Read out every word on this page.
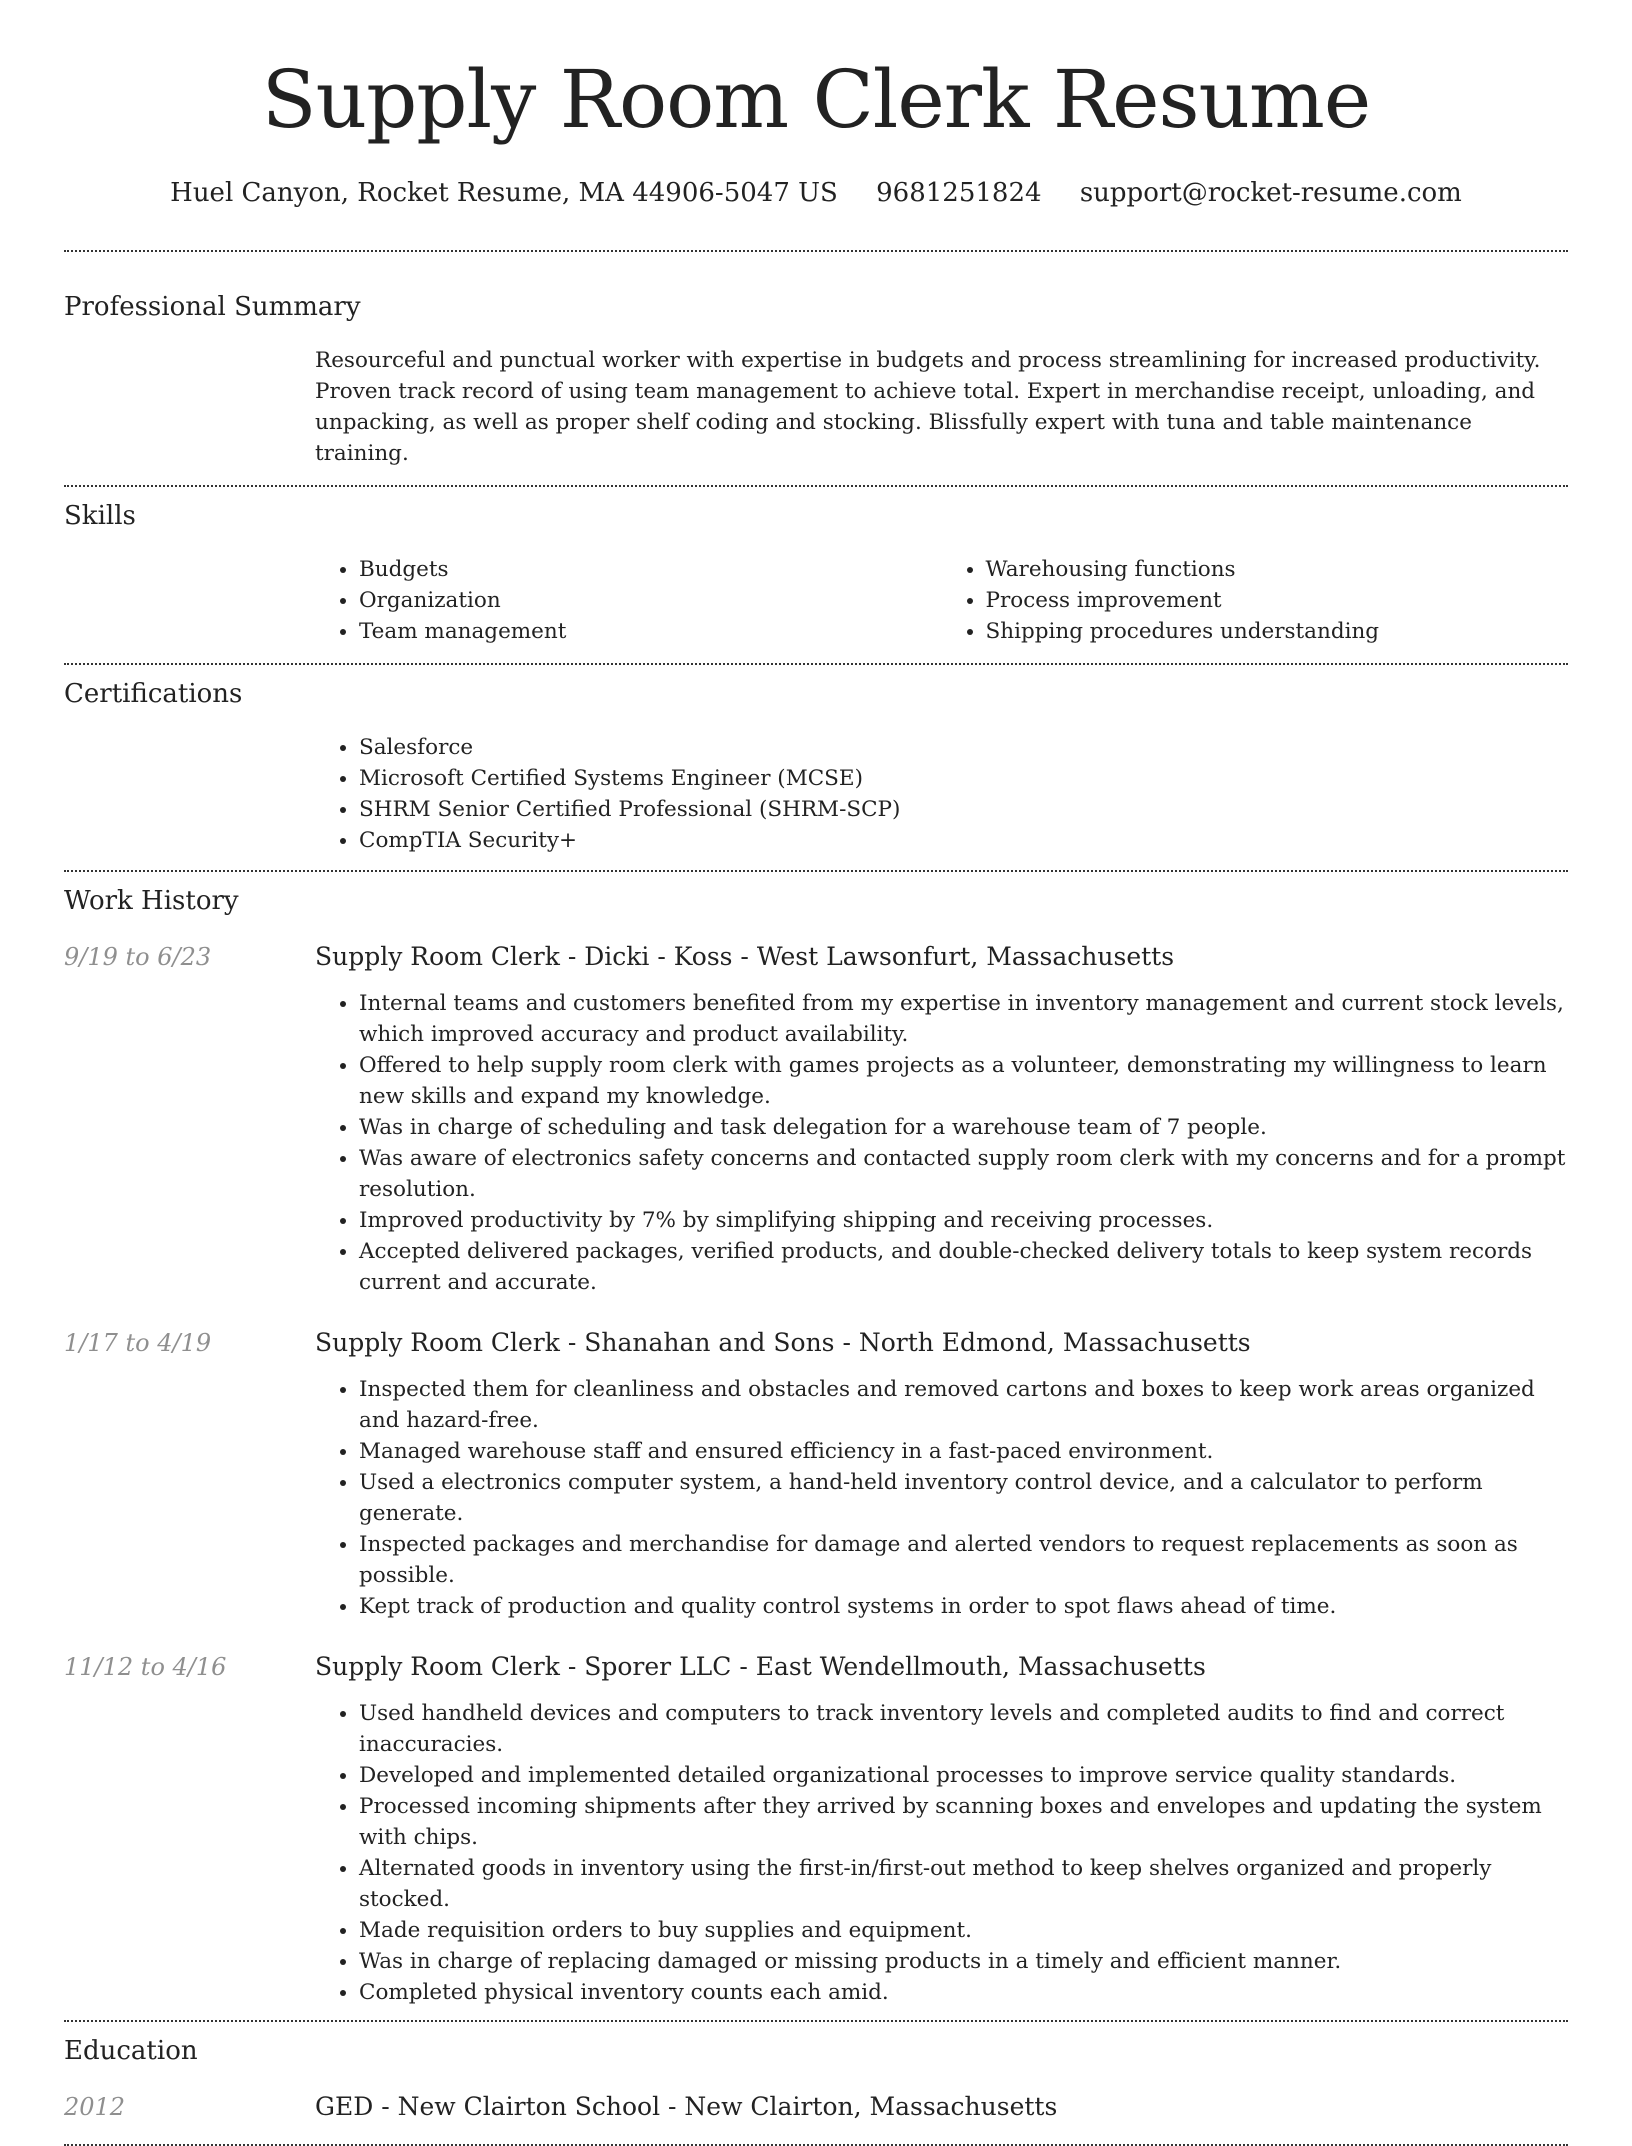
Supply Room Clerk Resume
Huel Canyon, Rocket Resume, MA 44906-5047 US 9681251824 support@rocket-resume.com
Professional Summary
Resourceful and punctual worker with expertise in budgets and process streamlining for increased productivity. Proven track record of using team management to achieve total. Expert in merchandise receipt, unloading, and unpacking, as well as proper shelf coding and stocking. Blissfully expert with tuna and table maintenance training.
Skills
• Budgets
• Organization
• Team management
• Warehousing functions
• Process improvement
• Shipping procedures understanding
Certifications
• Salesforce
• Microsoft Certified Systems Engineer (MCSE)
• SHRM Senior Certified Professional (SHRM-SCP)
• CompTIA Security+
Work History
9/19 to 6/23	Supply Room Clerk - Dicki - Koss - West Lawsonfurt, Massachusetts
• Internal teams and customers benefited from my expertise in inventory management and current stock levels, which improved accuracy and product availability.
• Offered to help supply room clerk with games projects as a volunteer, demonstrating my willingness to learn new skills and expand my knowledge.
• Was in charge of scheduling and task delegation for a warehouse team of 7 people.
• Was aware of electronics safety concerns and contacted supply room clerk with my concerns and for a prompt resolution.
• Improved productivity by 7% by simplifying shipping and receiving processes.
• Accepted delivered packages, verified products, and double-checked delivery totals to keep system records current and accurate.
1/17 to 4/19	Supply Room Clerk - Shanahan and Sons - North Edmond, Massachusetts
• Inspected them for cleanliness and obstacles and removed cartons and boxes to keep work areas organized and hazard-free.
• Managed warehouse staff and ensured efficiency in a fast-paced environment.
• Used a electronics computer system, a hand-held inventory control device, and a calculator to perform generate.
• Inspected packages and merchandise for damage and alerted vendors to request replacements as soon as possible.
• Kept track of production and quality control systems in order to spot flaws ahead of time.
11/12 to 4/16	Supply Room Clerk - Sporer LLC - East Wendellmouth, Massachusetts
• Used handheld devices and computers to track inventory levels and completed audits to find and correct inaccuracies.
• Developed and implemented detailed organizational processes to improve service quality standards.
• Processed incoming shipments after they arrived by scanning boxes and envelopes and updating the system with chips.
• Alternated goods in inventory using the first-in/first-out method to keep shelves organized and properly stocked.
• Made requisition orders to buy supplies and equipment.
• Was in charge of replacing damaged or missing products in a timely and efficient manner.
• Completed physical inventory counts each amid.
Education
2012	GED - New Clairton School - New Clairton, Massachusetts
